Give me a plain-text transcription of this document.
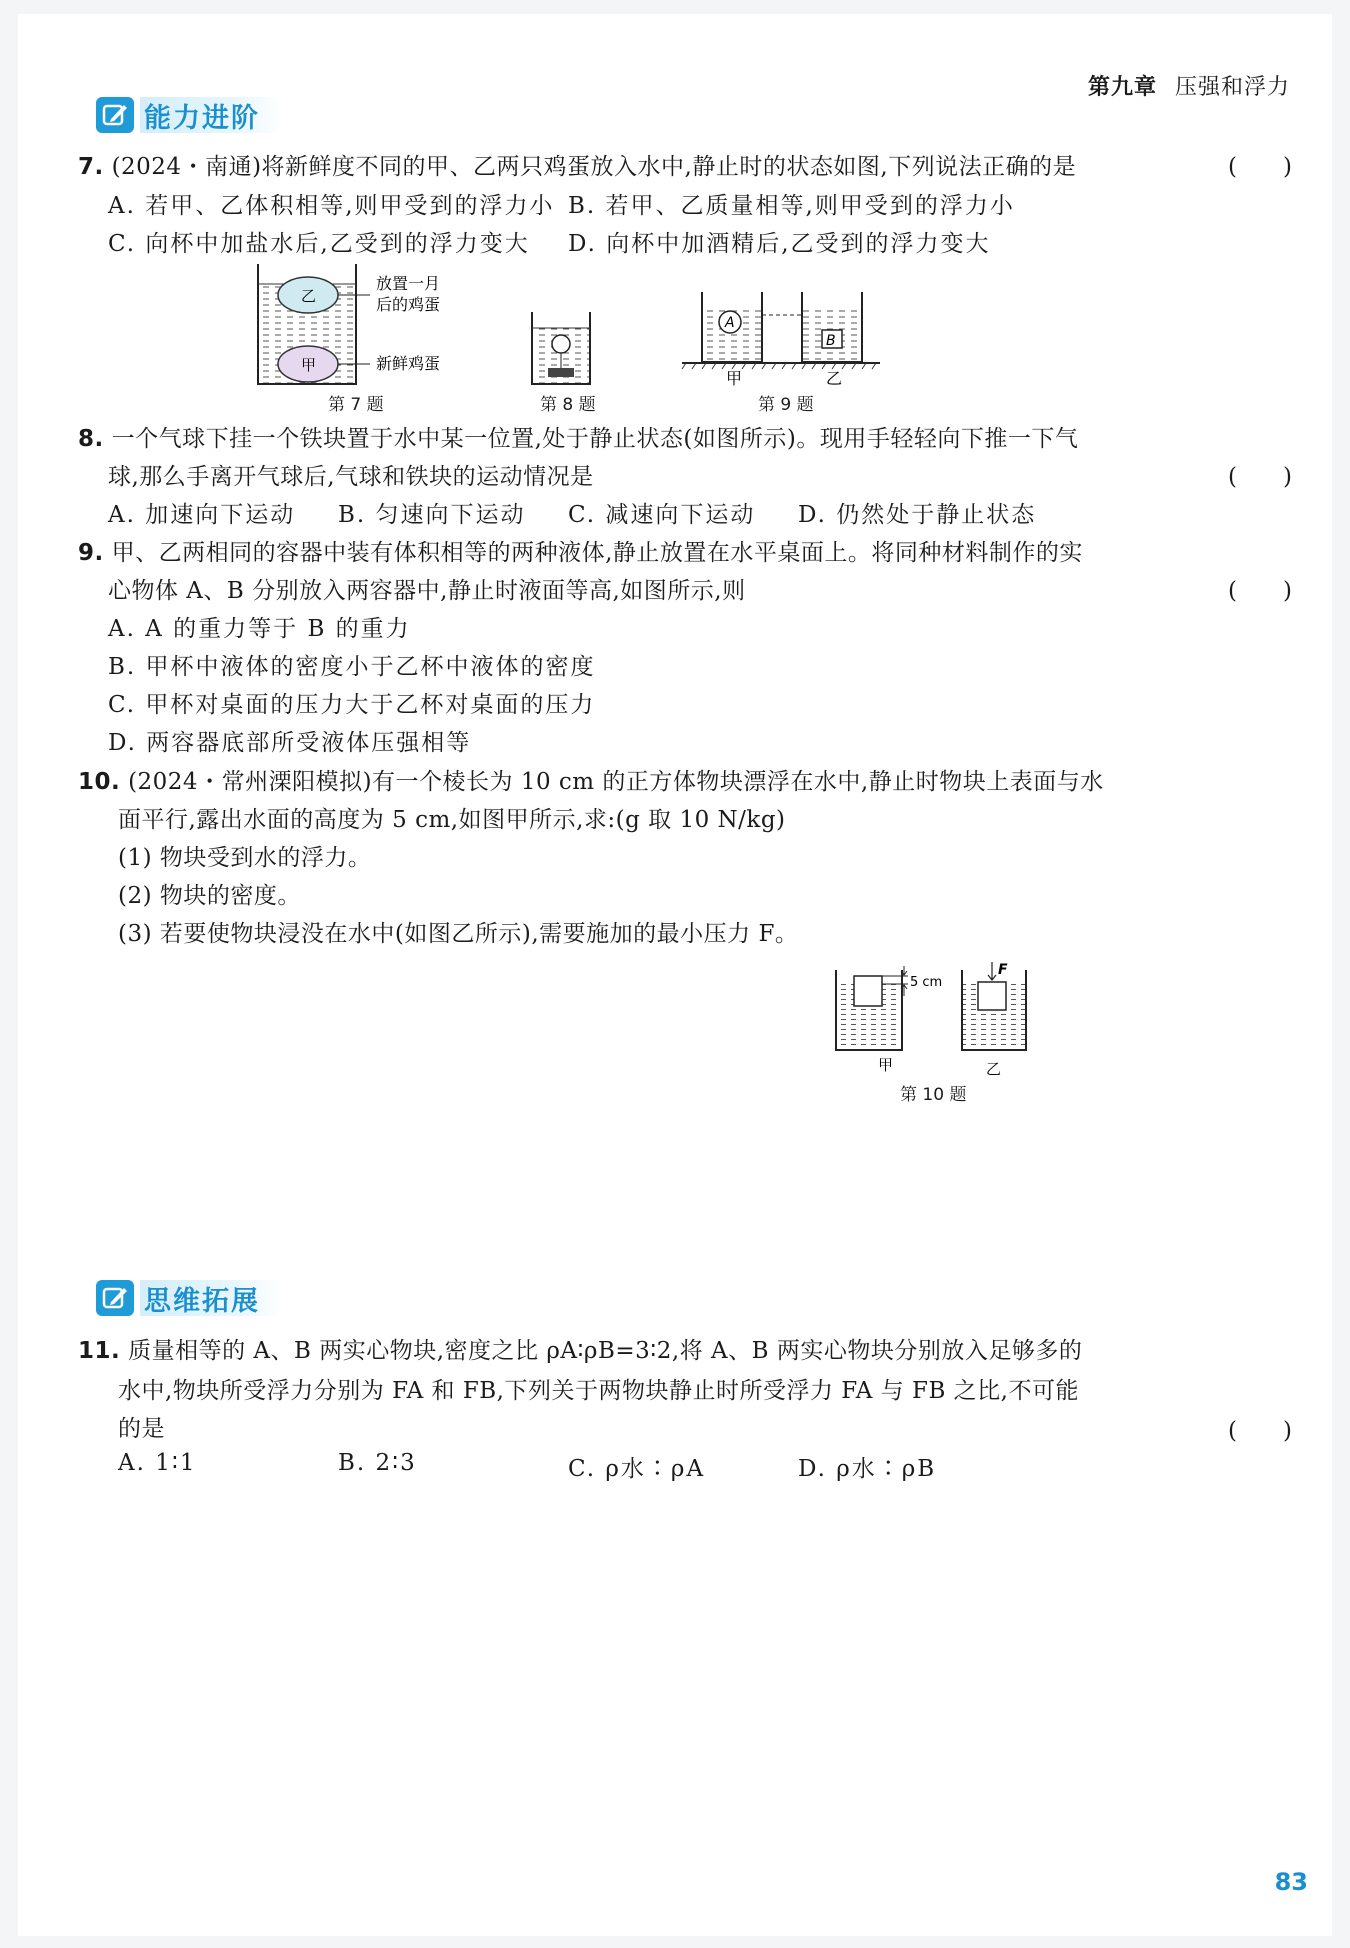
第九章 压强和浮力
能力进阶
7. (2024・南通)将新鲜度不同的甲、乙两只鸡蛋放入水中,静止时的状态如图,下列说法正确的是	(　　)
A. 若甲、乙体积相等,则甲受到的浮力小 B. 若甲、乙质量相等,则甲受到的浮力小
C. 向杯中加盐水后,乙受到的浮力变大 D. 向杯中加酒精后,乙受到的浮力变大
乙
甲
放置一月
后的鸡蛋
新鲜鸡蛋
A
B
甲	乙
第 7 题	第 8 题	第 9 题
8. 一个气球下挂一个铁块置于水中某一位置,处于静止状态(如图所示)。现用手轻轻向下推一下气
球,那么手离开气球后,气球和铁块的运动情况是	(　　)
A. 加速向下运动 B. 匀速向下运动 C. 减速向下运动 D. 仍然处于静止状态
9. 甲、乙两相同的容器中装有体积相等的两种液体,静止放置在水平桌面上。将同种材料制作的实
心物体 A、B 分别放入两容器中,静止时液面等高,如图所示,则	(　　)
A. A 的重力等于 B 的重力
B. 甲杯中液体的密度小于乙杯中液体的密度
C. 甲杯对桌面的压力大于乙杯对桌面的压力
D. 两容器底部所受液体压强相等
10. (2024・常州溧阳模拟)有一个棱长为 10 cm 的正方体物块漂浮在水中,静止时物块上表面与水
面平行,露出水面的高度为 5 cm,如图甲所示,求:(g 取 10 N/kg)
(1) 物块受到水的浮力。
(2) 物块的密度。
(3) 若要使物块浸没在水中(如图乙所示),需要施加的最小压力 F。
5 cm
甲
F
乙
第 10 题
思维拓展
11. 质量相等的 A、B 两实心物块,密度之比 ρA∶ρB=3∶2,将 A、B 两实心物块分别放入足够多的
水中,物块所受浮力分别为 FA 和 FB,下列关于两物块静止时所受浮力 FA 与 FB 之比,不可能
的是	(　　)
A. 1∶1	B. 2∶3	C. ρ水∶ρA	D. ρ水∶ρB
83
